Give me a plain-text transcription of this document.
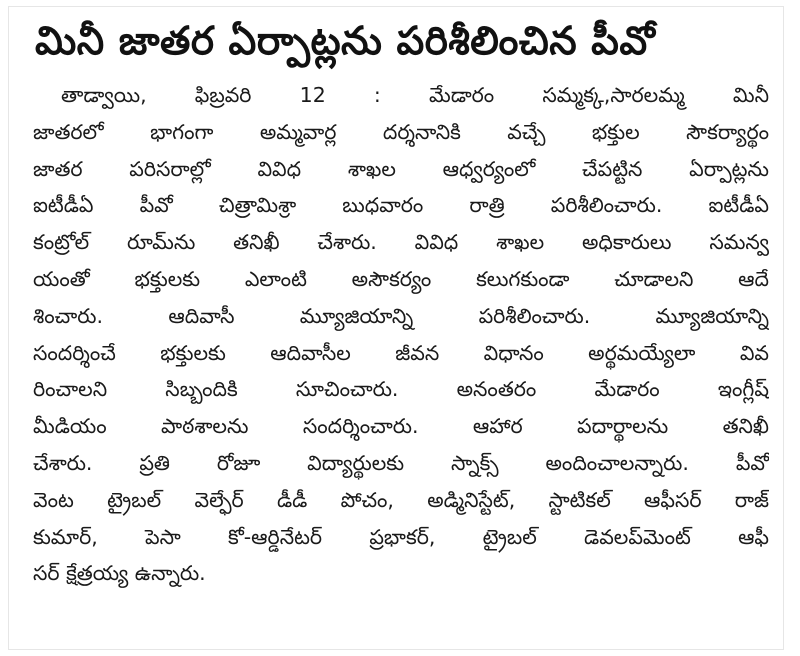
మినీ జాతర ఏర్పాట్లను పరిశీలించిన పీవో
తాడ్వాయి, ఫిబ్రవరి 12 : మేడారం సమ్మక్క,సారలమ్మ మినీ
జాతరలో భాగంగా అమ్మవార్ల దర్శనానికి వచ్చే భక్తుల సౌకర్యార్థం
జాతర పరిసరాల్లో వివిధ శాఖల ఆధ్వర్యంలో చేపట్టిన ఏర్పాట్లను
ఐటీడీఏ పీవో చిత్రామిశ్రా బుధవారం రాత్రి పరిశీలించారు. ఐటీడీఏ
కంట్రోల్ రూమ్‌ను తనిఖీ చేశారు. వివిధ శాఖల అధికారులు సమన్వ
యంతో భక్తులకు ఎలాంటి అసౌకర్యం కలుగకుండా చూడాలని ఆదే
శించారు. ఆదివాసీ మ్యూజియాన్ని పరిశీలించారు. మ్యూజియాన్ని
సందర్శించే భక్తులకు ఆదివాసీల జీవన విధానం అర్థమయ్యేలా వివ
రించాలని సిబ్బందికి సూచించారు. అనంతరం మేడారం ఇంగ్లీష్
మీడియం పాఠశాలను సందర్శించారు. ఆహార పదార్థాలను తనిఖీ
చేశారు. ప్రతి రోజూ విద్యార్థులకు స్నాక్స్ అందించాలన్నారు. పీవో
వెంట ట్రైబల్ వెల్ఫేర్ డీడీ పోచం, అడ్మినిస్టేట్, స్టాటికల్ ఆఫీసర్ రాజ్
కుమార్, పెసా కో-ఆర్డినేటర్ ప్రభాకర్, ట్రైబల్ డెవలప్‌మెంట్ ఆఫీ
సర్ క్షేత్రయ్య ఉన్నారు.
